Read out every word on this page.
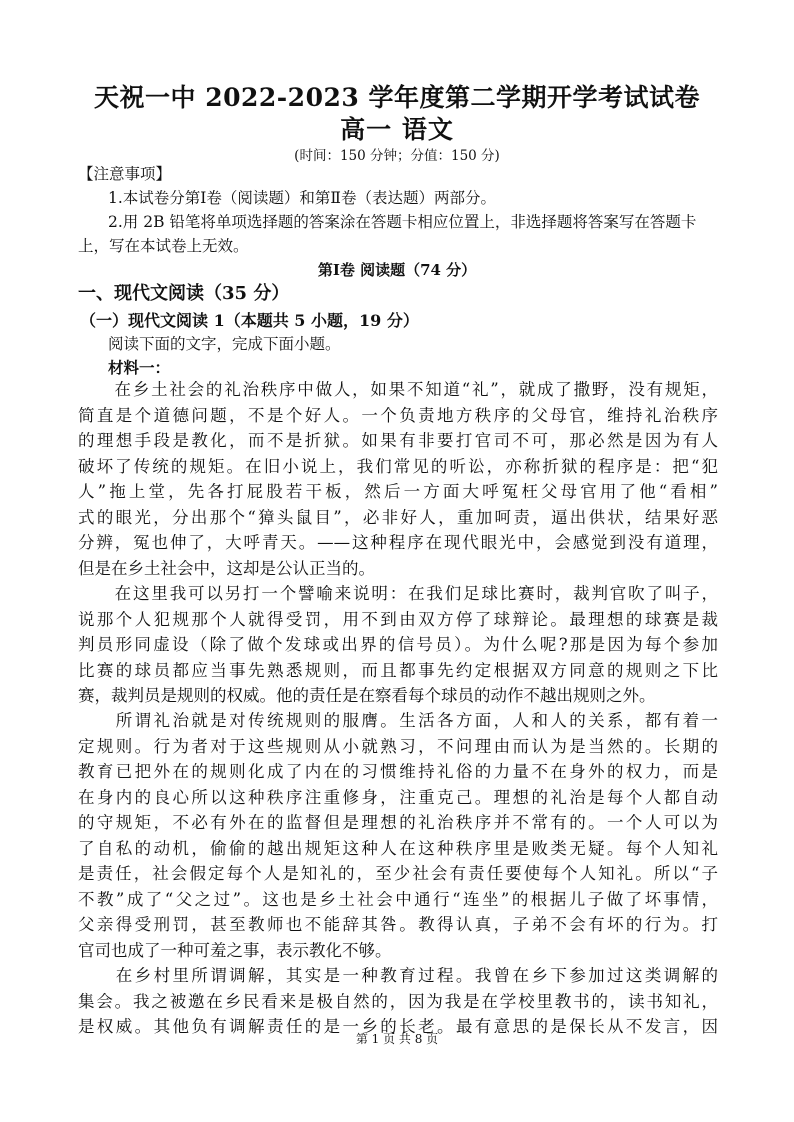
天祝一中 2022-2023 学年度第二学期开学考试试卷
高一 语文
(时间：150 分钟；分值：150 分)
【注意事项】
1.本试卷分第Ⅰ卷（阅读题）和第Ⅱ卷（表达题）两部分。
2.用 2B 铅笔将单项选择题的答案涂在答题卡相应位置上，非选择题将答案写在答题卡
上，写在本试卷上无效。
第Ⅰ卷 阅读题（74 分）
一、现代文阅读（35 分）
（一）现代文阅读 1（本题共 5 小题，19 分）
阅读下面的文字，完成下面小题。
材料一：
　　在乡土社会的礼治秩序中做人，如果不知道“礼”，就成了撒野，没有规矩，
简直是个道德问题，不是个好人。一个负责地方秩序的父母官，维持礼治秩序
的理想手段是教化，而不是折狱。如果有非要打官司不可，那必然是因为有人
破坏了传统的规矩。在旧小说上，我们常见的听讼，亦称折狱的程序是：把“犯
人”拖上堂，先各打屁股若干板，然后一方面大呼冤枉父母官用了他“看相”
式的眼光，分出那个“獐头鼠目”，必非好人，重加呵责，逼出供状，结果好恶
分辨，冤也伸了，大呼青天。——这种程序在现代眼光中，会感觉到没有道理，
但是在乡土社会中，这却是公认正当的。
　　在这里我可以另打一个譬喻来说明：在我们足球比赛时，裁判官吹了叫子，
说那个人犯规那个人就得受罚，用不到由双方停了球辩论。最理想的球赛是裁
判员形同虚设（除了做个发球或出界的信号员）。为什么呢?那是因为每个参加
比赛的球员都应当事先熟悉规则，而且都事先约定根据双方同意的规则之下比
赛，裁判员是规则的权威。他的责任是在察看每个球员的动作不越出规则之外。
　　所谓礼治就是对传统规则的服膺。生活各方面，人和人的关系，都有着一
定规则。行为者对于这些规则从小就熟习，不问理由而认为是当然的。长期的
教育已把外在的规则化成了内在的习惯维持礼俗的力量不在身外的权力，而是
在身内的良心所以这种秩序注重修身，注重克己。理想的礼治是每个人都自动
的守规矩，不必有外在的监督但是理想的礼治秩序并不常有的。一个人可以为
了自私的动机，偷偷的越出规矩这种人在这种秩序里是败类无疑。每个人知礼
是责任，社会假定每个人是知礼的，至少社会有责任要使每个人知礼。所以“子
不教”成了“父之过”。这也是乡土社会中通行“连坐”的根据儿子做了坏事情，
父亲得受刑罚，甚至教师也不能辞其咎。教得认真，子弟不会有坏的行为。打
官司也成了一种可羞之事，表示教化不够。
　　在乡村里所谓调解，其实是一种教育过程。我曾在乡下参加过这类调解的
集会。我之被邀在乡民看来是极自然的，因为我是在学校里教书的，读书知礼，
是权威。其他负有调解责任的是一乡的长老。最有意思的是保长从不发言，因
第 1 页 共 8 页
